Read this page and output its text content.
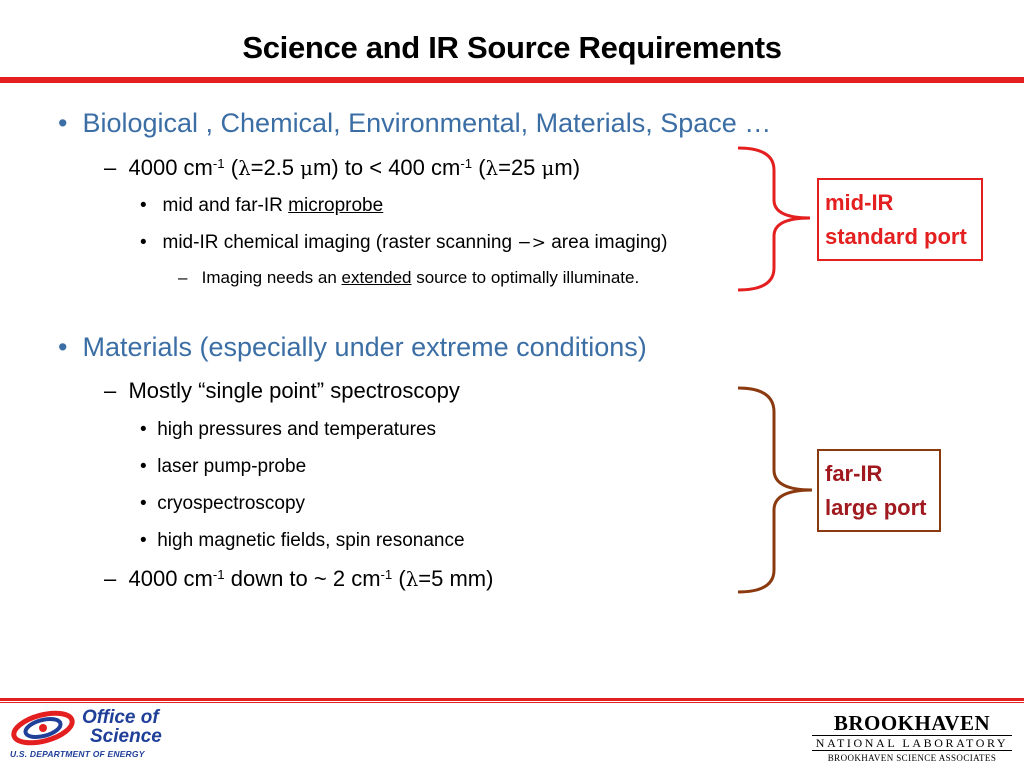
Science and IR Source Requirements
• Biological , Chemical, Environmental, Materials, Space …
– 4000 $cm^{-1}$ (λ=2.5 μm) to < 400 $cm^{-1}$ (λ=25 μm)
• mid and far-IR microprobe
• mid-IR chemical imaging (raster scanning −> area imaging)
– Imaging needs an extended source to optimally illuminate.
• Materials (especially under extreme conditions)
– Mostly “single point” spectroscopy
• high pressures and temperatures
• laser pump-probe
• cryospectroscopy
• high magnetic fields, spin resonance
– 4000 $cm^{-1}$ down to ~ 2 $cm^{-1}$ (λ=5 mm)
mid-IR
standard port
far-IR
large port
Office of
Science
U.S. DEPARTMENT OF ENERGY
BROOKHAVEN
NATIONAL LABORATORY
BROOKHAVEN SCIENCE ASSOCIATES
